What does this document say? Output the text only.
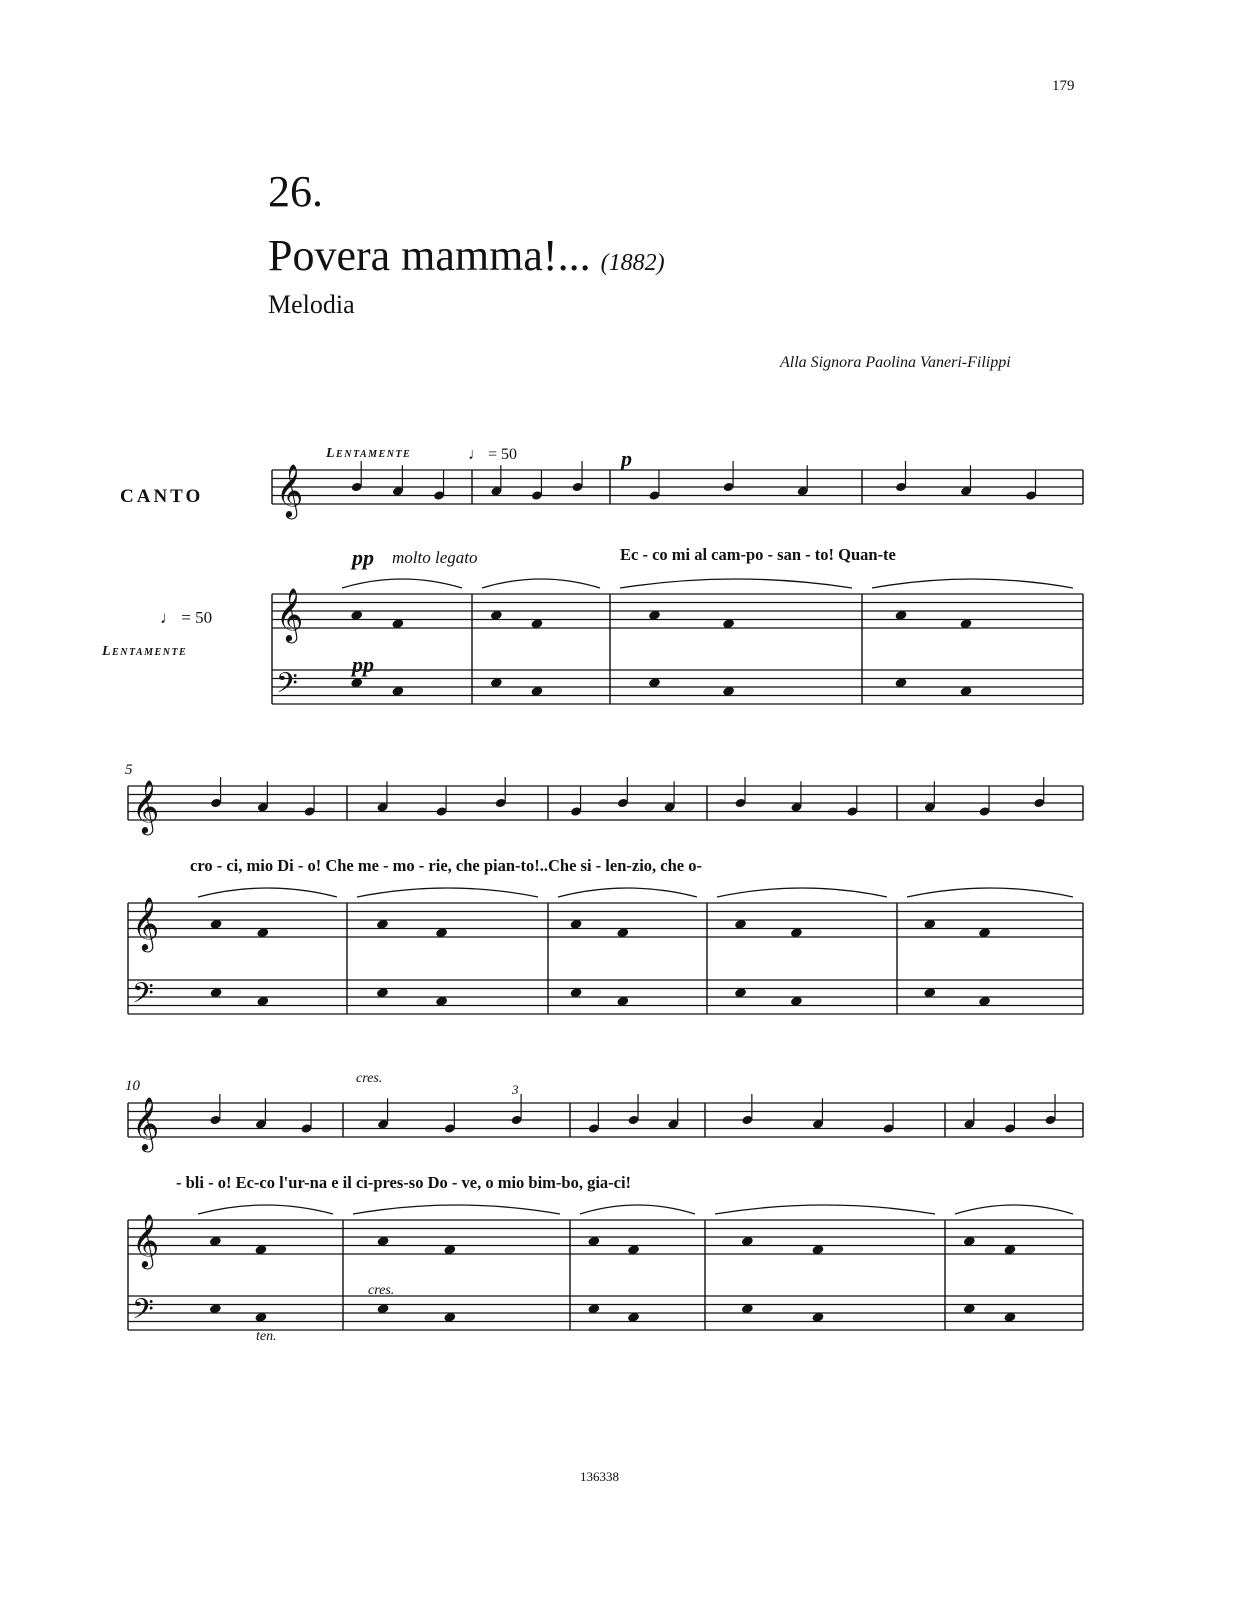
179
26.
Povera mamma!... (1882)
Melodia
Alla Signora Paolina Vaneri-Filippi
Lentamente	♩ = 50
CANTO
♩ = 50
Lentamente
p
pp molto legato
pp
cres.
cres.
ten.
3
5
10
Ec - co mi al cam-po - san - to! Quan-te
cro - ci, mio Di - o! Che me - mo - rie, che pian-to!..Che si - len-zio, che o-
- bli - o! Ec-co l'ur-na e il ci-pres-so Do - ve, o mio bim-bo, gia-ci!
136338
𝄞
𝄞
𝄢
𝄞
𝄞
𝄢
𝄞
𝄞
𝄢
